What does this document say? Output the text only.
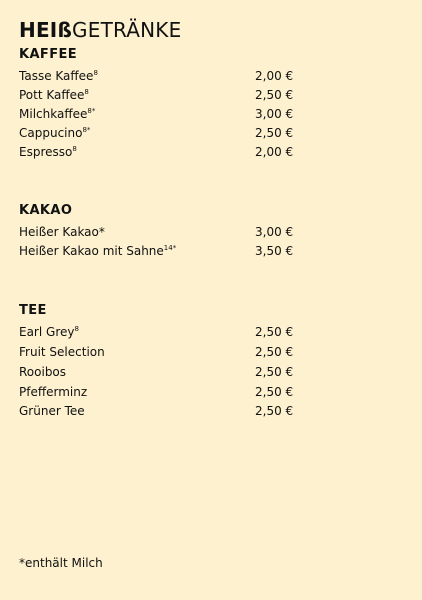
HEIßGETRÄNKE
KAFFEE
Tasse Kaffee$^8$	2,00 €
Pott Kaffee$^8$	2,50 €
Milchkaffee$^{8*}$	3,00 €
Cappucino$^{8*}$	2,50 €
Espresso$^8$	2,00 €
KAKAO
Heißer Kakao*	3,00 €
Heißer Kakao mit Sahne$^{14*}$	3,50 €
TEE
Earl Grey$^8$	2,50 €
Fruit Selection	2,50 €
Rooibos	2,50 €
Pfefferminz	2,50 €
Grüner Tee	2,50 €
*enthält Milch
